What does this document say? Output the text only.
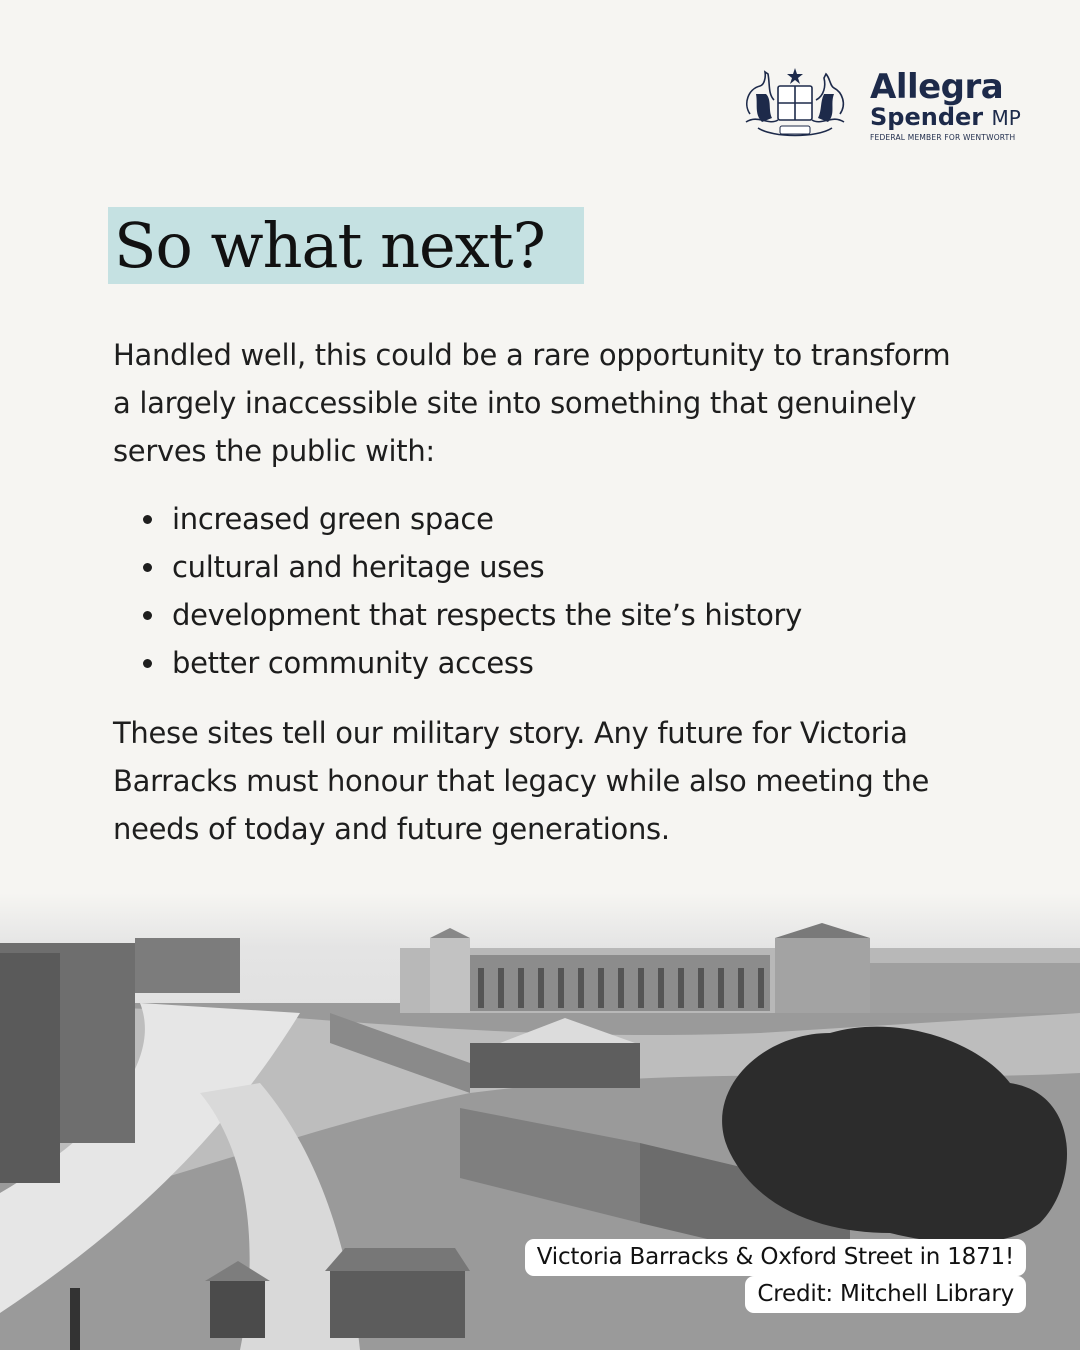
Allegra
Spender MP
FEDERAL MEMBER FOR WENTWORTH
So what next?

Handled well, this could be a rare opportunity to transform a largely inaccessible site into something that genuinely serves the public with:

increased green space
cultural and heritage uses
development that respects the site’s history
better community access

These sites tell our military story. Any future for Victoria Barracks must honour that legacy while also meeting the needs of today and future generations.

Victoria Barracks & Oxford Street in 1871!
Credit: Mitchell Library
